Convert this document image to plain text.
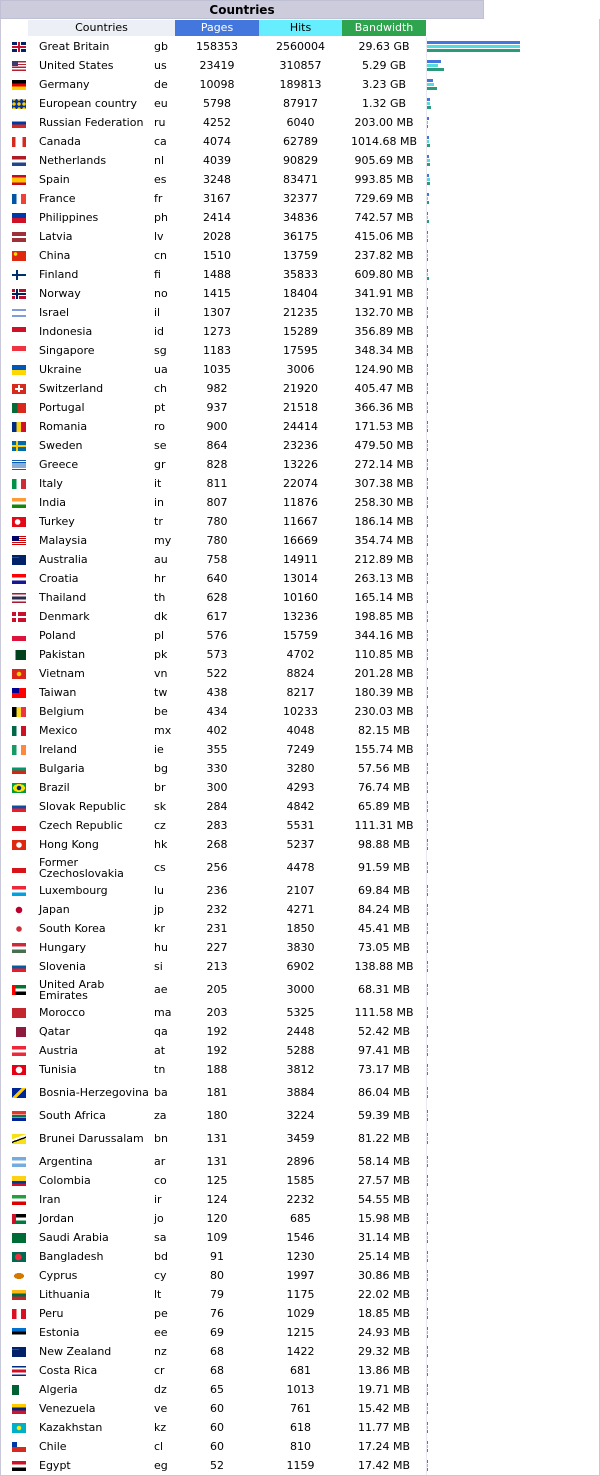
Countries
Countries	Pages	Hits	Bandwidth
Great Britain	gb	158353	2560004	29.63 GB
United States	us	23419	310857	5.29 GB
Germany	de	10098	189813	3.23 GB
European country	eu	5798	87917	1.32 GB
Russian Federation ru	4252	6040	203.00 MB
Canada	ca	4074	62789	1014.68 MB
Netherlands	nl	4039	90829	905.69 MB
Spain	es	3248	83471	993.85 MB
France	fr	3167	32377	729.69 MB
Philippines	ph	2414	34836	742.57 MB
Latvia	lv	2028	36175	415.06 MB
China	cn	1510	13759	237.82 MB
Finland	fi	1488	35833	609.80 MB
Norway	no	1415	18404	341.91 MB
Israel	il	1307	21235	132.70 MB
Indonesia	id	1273	15289	356.89 MB
Singapore	sg	1183	17595	348.34 MB
Ukraine	ua	1035	3006	124.90 MB
Switzerland	ch	982	21920	405.47 MB
Portugal	pt	937	21518	366.36 MB
Romania	ro	900	24414	171.53 MB
Sweden	se	864	23236	479.50 MB
Greece	gr	828	13226	272.14 MB
Italy	it	811	22074	307.38 MB
India	in	807	11876	258.30 MB
Turkey	tr	780	11667	186.14 MB
Malaysia	my	780	16669	354.74 MB
Australia	au	758	14911	212.89 MB
Croatia	hr	640	13014	263.13 MB
Thailand	th	628	10160	165.14 MB
Denmark	dk	617	13236	198.85 MB
Poland	pl	576	15759	344.16 MB
Pakistan	pk	573	4702	110.85 MB
Vietnam	vn	522	8824	201.28 MB
Taiwan	tw	438	8217	180.39 MB
Belgium	be	434	10233	230.03 MB
Mexico	mx	402	4048	82.15 MB
Ireland	ie	355	7249	155.74 MB
Bulgaria	bg	330	3280	57.56 MB
Brazil	br	300	4293	76.74 MB
Slovak Republic	sk	284	4842	65.89 MB
Czech Republic	cz	283	5531	111.31 MB
Hong Kong	hk	268	5237	98.88 MB
Former Czechoslovakia	cs	256	4478	91.59 MB
Luxembourg	lu	236	2107	69.84 MB
Japan	jp	232	4271	84.24 MB
South Korea	kr	231	1850	45.41 MB
Hungary	hu	227	3830	73.05 MB
Slovenia	si	213	6902	138.88 MB
United Arab Emirates	ae	205	3000	68.31 MB
Morocco	ma	203	5325	111.58 MB
Qatar	qa	192	2448	52.42 MB
Austria	at	192	5288	97.41 MB
Tunisia	tn	188	3812	73.17 MB
Bosnia-Herzegovina ba	181	3884	86.04 MB
South Africa	za	180	3224	59.39 MB
Brunei Darussalam bn	131	3459	81.22 MB
Argentina	ar	131	2896	58.14 MB
Colombia	co	125	1585	27.57 MB
Iran	ir	124	2232	54.55 MB
Jordan	jo	120	685	15.98 MB
Saudi Arabia	sa	109	1546	31.14 MB
Bangladesh	bd	91	1230	25.14 MB
Cyprus	cy	80	1997	30.86 MB
Lithuania	lt	79	1175	22.02 MB
Peru	pe	76	1029	18.85 MB
Estonia	ee	69	1215	24.93 MB
New Zealand	nz	68	1422	29.32 MB
Costa Rica	cr	68	681	13.86 MB
Algeria	dz	65	1013	19.71 MB
Venezuela	ve	60	761	15.42 MB
Kazakhstan	kz	60	618	11.77 MB
Chile	cl	60	810	17.24 MB
Egypt	eg	52	1159	17.42 MB
